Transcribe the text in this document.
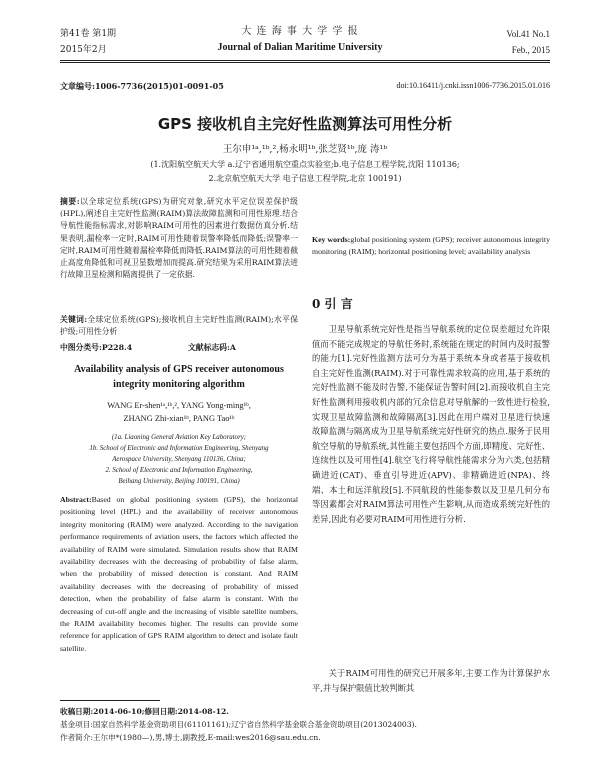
第41卷 第1期
2015年2月
大 连 海 事 大 学 学 报
Journal of Dalian Maritime University
Vol.41 No.1
Feb., 2015
文章编号:1006-7736(2015)01-0091-05	doi:10.16411/j.cnki.issn1006-7736.2015.01.016
GPS 接收机自主完好性监测算法可用性分析
王尔申¹ᵃ,¹ᵇ,²,杨永明¹ᵇ,张芝贤¹ᵇ,庞 涛¹ᵇ
(1.沈阳航空航天大学 a.辽宁省通用航空重点实验室;b.电子信息工程学院,沈阳 110136;
2.北京航空航天大学 电子信息工程学院,北京 100191)

摘要:以全球定位系统(GPS)为研究对象,研究水平定位误差保护级(HPL),阐述自主完好性监测(RAIM)算法故障监测和可用性原理.结合导航性能指标需求,对影响RAIM可用性的因素进行数据仿真分析.结果表明,漏检率一定时,RAIM可用性随着误警率降低而降低;误警率一定时,RAIM可用性随着漏检率降低而降低.RAIM算法的可用性随着截止高度角降低和可视卫星数增加而提高.研究结果为采用RAIM算法进行故障卫星检测和隔离提供了一定依据.

关键词:全球定位系统(GPS);接收机自主完好性监测(RAIM);水平保护级;可用性分析

中图分类号:P228.4	文献标志码:A
Availability analysis of GPS receiver autonomous integrity monitoring algorithm
WANG Er-shen¹ᵃ,¹ᵇ,², YANG Yong-ming¹ᵇ,
ZHANG Zhi-xian¹ᵇ, PANG Tao¹ᵇ
(1a. Liaoning General Aviation Key Laboratory;
1b. School of Electronic and Information Engineering, Shenyang
Aerospace University, Shenyang 110136, China;
2. School of Electronic and Information Engineering,
Beihang University, Beijing 100191, China)

Abstract:Based on global positioning system (GPS), the horizontal positioning level (HPL) and the availability of receiver autonomous integrity monitoring (RAIM) were analyzed. According to the navigation performance requirements of aviation users, the factors which affected the availability of RAIM were simulated. Simulation results show that RAIM availability decreases with the decreasing of probability of false alarm, when the probability of missed detection is constant. And RAIM availability decreases with the decreasing of probability of missed detection, when the probability of false alarm is constant. With the decreasing of cut-off angle and the increasing of visible satellite numbers, the RAIM availability becomes higher. The results can provide some reference for application of GPS RAIM algorithm to detect and isolate fault satellite.

Key words:global positioning system (GPS); receiver autonomous integrity monitoring (RAIM); horizontal positioning level; availability analysis

0 引 言

卫星导航系统完好性是指当导航系统的定位误差超过允许限值而不能完成规定的导航任务时,系统能在规定的时间内及时报警的能力[1].完好性监测方法可分为基于系统本身或者基于接收机自主完好性监测(RAIM).对于可靠性需求较高的应用,基于系统的完好性监测不能及时告警,不能保证告警时间[2].而接收机自主完好性监测利用接收机内部的冗余信息对导航解的一致性进行检验,实现卫星故障监测和故障隔离[3].因此在用户端对卫星进行快速故障监测与隔离成为卫星导航系统完好性研究的热点.服务于民用航空导航的导航系统,其性能主要包括四个方面,即精度、完好性、连续性以及可用性[4].航空飞行将导航性能需求分为六类,包括精确进近(CAT)、垂直引导进近(APV)、非精确进近(NPA)、终端、本土和远洋航段[5].不同航段的性能参数以及卫星几何分布等因素都会对RAIM算法可用性产生影响,从而造成系统完好性的差异,因此有必要对RAIM可用性进行分析.

关于RAIM可用性的研究已开展多年,主要工作为计算保护水平,并与保护限值比较判断其

收稿日期:2014-06-10;修回日期:2014-08-12.
基金项目:国家自然科学基金资助项目(61101161);辽宁省自然科学基金联合基金资助项目(2013024003).
作者简介:王尔申*(1980—),男,博士,副教授,E-mail:wes2016@sau.edu.cn.
